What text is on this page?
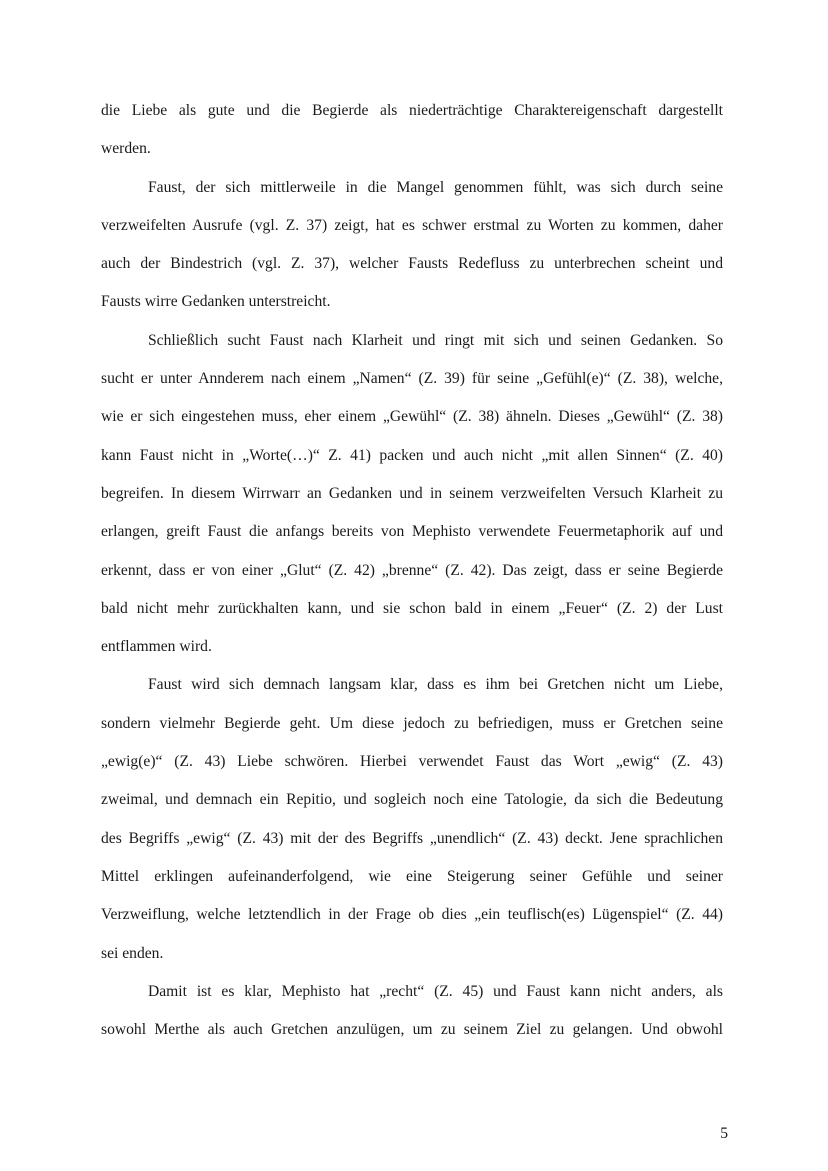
die Liebe als gute und die Begierde als niederträchtige Charaktereigenschaft dargestellt
werden.
Faust, der sich mittlerweile in die Mangel genommen fühlt, was sich durch seine
verzweifelten Ausrufe (vgl. Z. 37) zeigt, hat es schwer erstmal zu Worten zu kommen, daher
auch der Bindestrich (vgl. Z. 37), welcher Fausts Redefluss zu unterbrechen scheint und
Fausts wirre Gedanken unterstreicht.
Schließlich sucht Faust nach Klarheit und ringt mit sich und seinen Gedanken. So
sucht er unter Annderem nach einem „Namen“ (Z. 39) für seine „Gefühl(e)“ (Z. 38), welche,
wie er sich eingestehen muss, eher einem „Gewühl“ (Z. 38) ähneln. Dieses „Gewühl“ (Z. 38)
kann Faust nicht in „Worte(…)“ Z. 41) packen und auch nicht „mit allen Sinnen“ (Z. 40)
begreifen. In diesem Wirrwarr an Gedanken und in seinem verzweifelten Versuch Klarheit zu
erlangen, greift Faust die anfangs bereits von Mephisto verwendete Feuermetaphorik auf und
erkennt, dass er von einer „Glut“ (Z. 42) „brenne“ (Z. 42). Das zeigt, dass er seine Begierde
bald nicht mehr zurückhalten kann, und sie schon bald in einem „Feuer“ (Z. 2) der Lust
entflammen wird.
Faust wird sich demnach langsam klar, dass es ihm bei Gretchen nicht um Liebe,
sondern vielmehr Begierde geht. Um diese jedoch zu befriedigen, muss er Gretchen seine
„ewig(e)“ (Z. 43) Liebe schwören. Hierbei verwendet Faust das Wort „ewig“ (Z. 43)
zweimal, und demnach ein Repitio, und sogleich noch eine Tatologie, da sich die Bedeutung
des Begriffs „ewig“ (Z. 43) mit der des Begriffs „unendlich“ (Z. 43) deckt. Jene sprachlichen
Mittel erklingen aufeinanderfolgend, wie eine Steigerung seiner Gefühle und seiner
Verzweiflung, welche letztendlich in der Frage ob dies „ein teuflisch(es) Lügenspiel“ (Z. 44)
sei enden.
Damit ist es klar, Mephisto hat „recht“ (Z. 45) und Faust kann nicht anders, als
sowohl Merthe als auch Gretchen anzulügen, um zu seinem Ziel zu gelangen. Und obwohl
5
